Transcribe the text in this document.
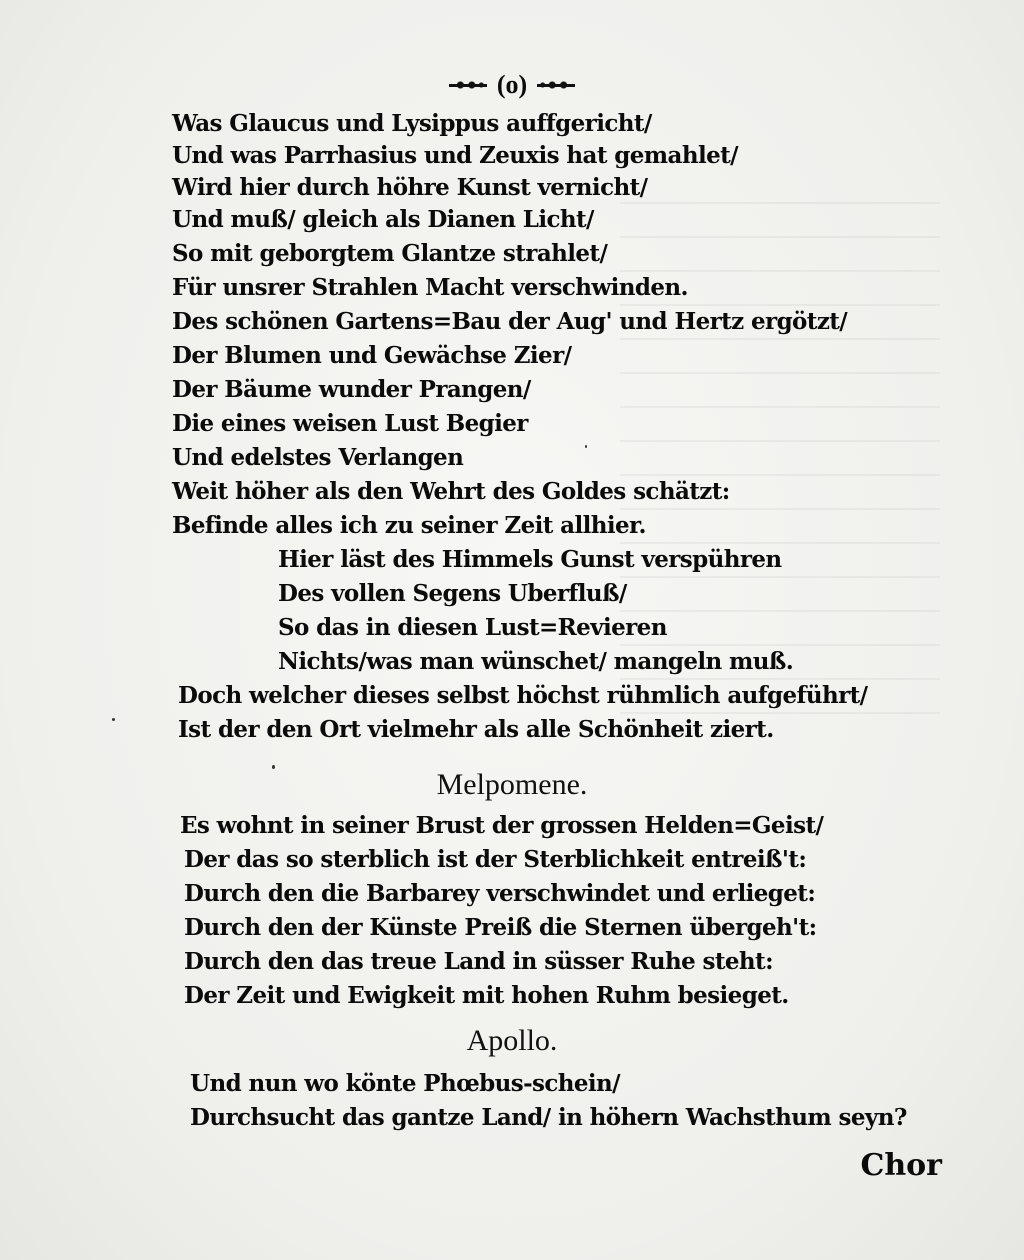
(o)
Was Glaucus und Lysippus auffgericht/
Und was Parrhasius und Zeuxis hat gemahlet/
Wird hier durch höhre Kunst vernicht/
Und muß/ gleich als Dianen Licht/
So mit geborgtem Glantze strahlet/
Für unsrer Strahlen Macht verschwinden.
Des schönen Gartens=Bau der Aug' und Hertz ergötzt/
Der Blumen und Gewächse Zier/
Der Bäume wunder Prangen/
Die eines weisen Lust Begier
Und edelstes Verlangen
Weit höher als den Wehrt des Goldes schätzt:
Befinde alles ich zu seiner Zeit allhier.
Hier läst des Himmels Gunst verspühren
Des vollen Segens Uberfluß/
So das in diesen Lust=Revieren
Nichts/was man wünschet/ mangeln muß.
Doch welcher dieses selbst höchst rühmlich aufgeführt/
Ist der den Ort vielmehr als alle Schönheit ziert.
Melpomene.
Es wohnt in seiner Brust der grossen Helden=Geist/
Der das so sterblich ist der Sterblichkeit entreiß't:
Durch den die Barbarey verschwindet und erlieget:
Durch den der Künste Preiß die Sternen übergeh't:
Durch den das treue Land in süsser Ruhe steht:
Der Zeit und Ewigkeit mit hohen Ruhm besieget.
Apollo.
Und nun wo könte Phœbus-schein/
Durchsucht das gantze Land/ in höhern Wachsthum seyn?
Chor
